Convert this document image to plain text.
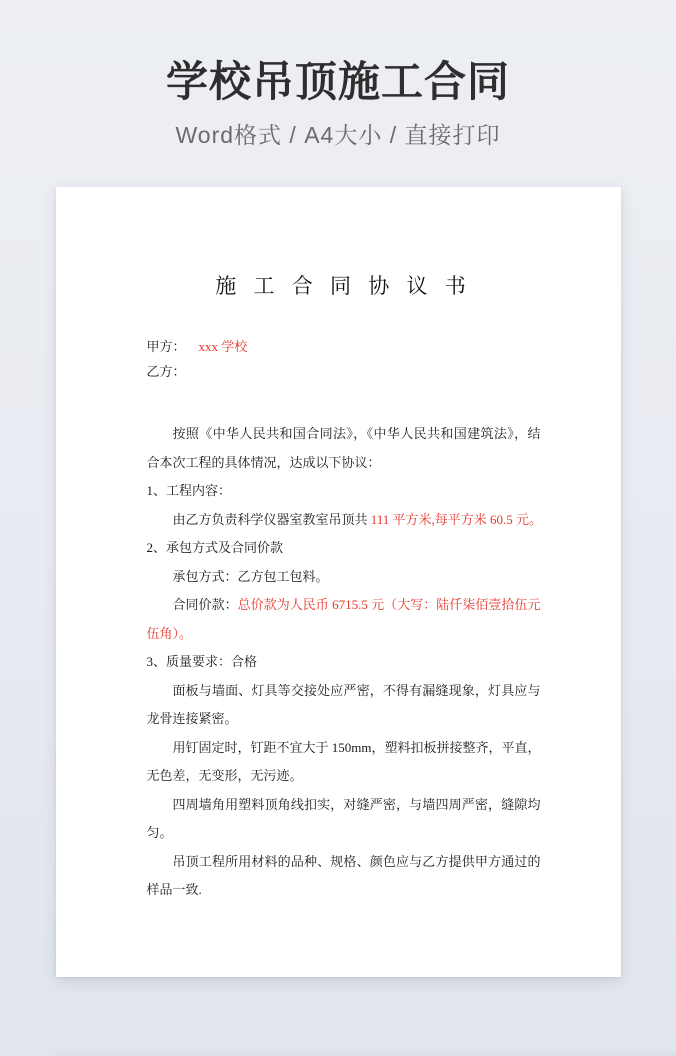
学校吊顶施工合同
Word格式 / A4大小 / 直接打印
施 工 合 同 协 议 书
甲方： xxx 学校
乙方：
按照《中华人民共和国合同法》，《中华人民共和国建筑法》，结合本次工程的具体情况，达成以下协议：
1、工程内容：
由乙方负责科学仪器室教室吊顶共 111 平方米,每平方米 60.5 元。
2、承包方式及合同价款
承包方式：乙方包工包料。
合同价款：总价款为人民币 6715.5 元（大写：陆仟柒佰壹拾伍元伍角）。
3、质量要求：合格
面板与墙面、灯具等交接处应严密，不得有漏缝现象，灯具应与龙骨连接紧密。
用钉固定时，钉距不宜大于 150mm，塑料扣板拼接整齐，平直，无色差，无变形，无污迹。
四周墙角用塑料顶角线扣实，对缝严密，与墙四周严密，缝隙均匀。
吊顶工程所用材料的品种、规格、颜色应与乙方提供甲方通过的样品一致.
